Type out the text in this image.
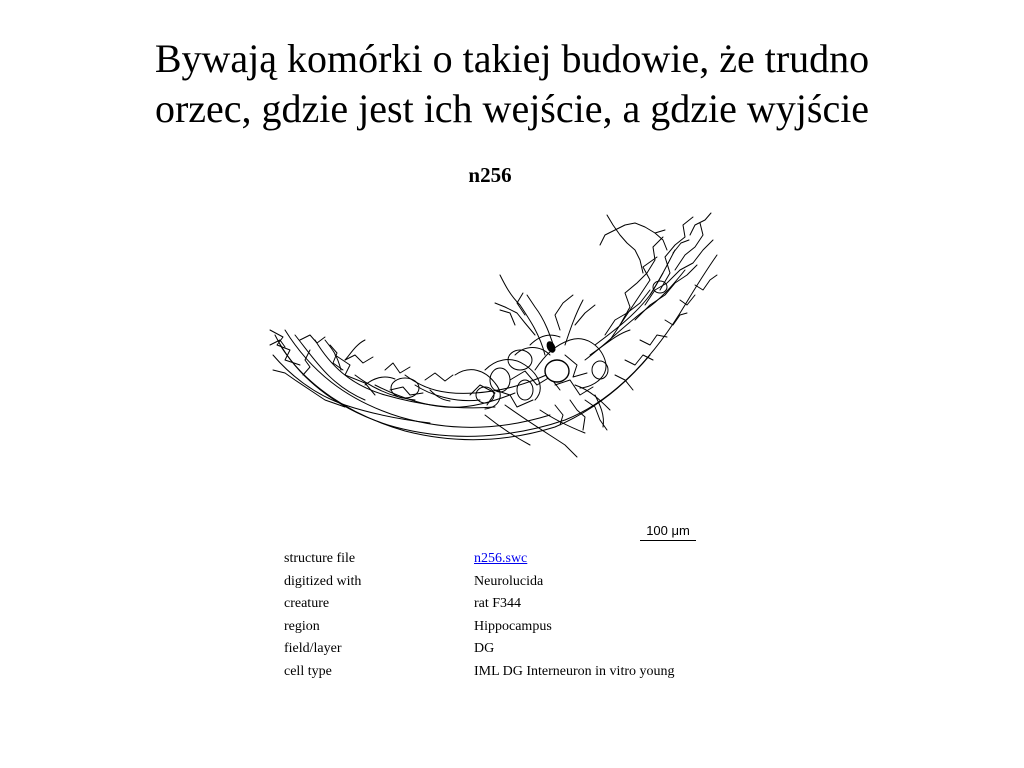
Bywają komórki o takiej budowie, że trudno
orzec, gdzie jest ich wejście, a gdzie wyjście
n256
100 μm
structure file	n256.swc
digitized with	Neurolucida
creature	rat F344
region	Hippocampus
field/layer	DG
cell type	IML DG Interneuron in vitro young
